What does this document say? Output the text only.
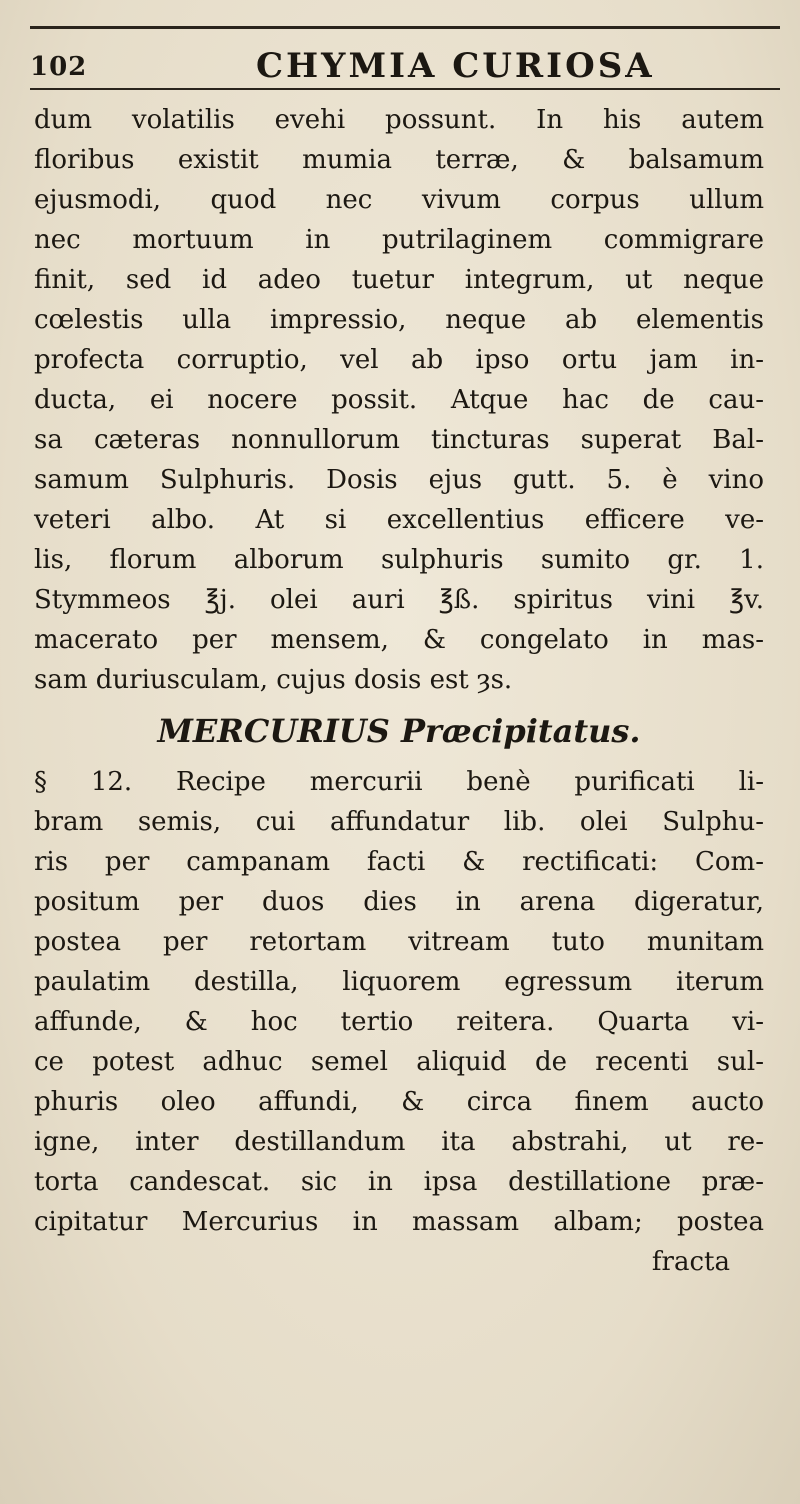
102	CHYMIA CURIOSA
dum volatilis evehi possunt. In his autem
floribus existit mumia terræ, & balsamum
ejusmodi, quod nec vivum corpus ullum
nec mortuum in putrilaginem commigrare
finit, sed id adeo tuetur integrum, ut neque
cœlestis ulla impressio, neque ab elementis
profecta corruptio, vel ab ipso ortu jam in-
ducta, ei nocere possit. Atque hac de cau-
sa cæteras nonnullorum tincturas superat Bal-
samum Sulphuris. Dosis ejus gutt. 5. è vino
veteri albo. At si excellentius efficere ve-
lis, florum alborum sulphuris sumito gr. 1.
Stymmeos ℥j. olei auri ℥ß. spiritus vini ℥v.
macerato per mensem, & congelato in mas-
sam duriusculam, cujus dosis est ȝs.
MERCURIUS Præcipitatus.
§ 12. Recipe mercurii benè purificati li-
bram semis, cui affundatur lib. olei Sulphu-
ris per campanam facti & rectificati: Com-
positum per duos dies in arena digeratur,
postea per retortam vitream tuto munitam
paulatim destilla, liquorem egressum iterum
affunde, & hoc tertio reitera. Quarta vi-
ce potest adhuc semel aliquid de recenti sul-
phuris oleo affundi, & circa finem aucto
igne, inter destillandum ita abstrahi, ut re-
torta candescat. sic in ipsa destillatione præ-
cipitatur Mercurius in massam albam; postea
fracta
